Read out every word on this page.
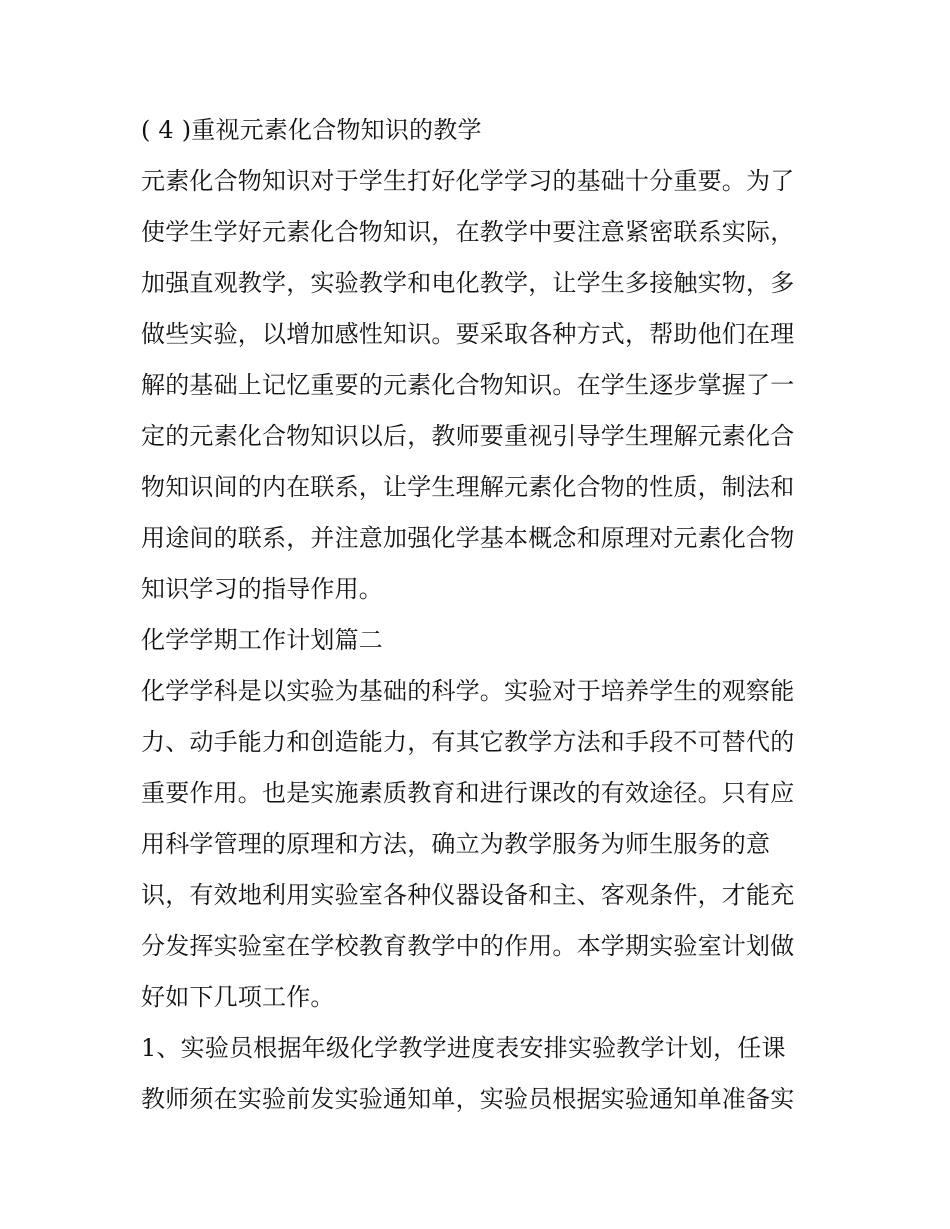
( 4 )重视元素化合物知识的教学
元素化合物知识对于学生打好化学学习的基础十分重要。为了
使学生学好元素化合物知识，在教学中要注意紧密联系实际，
加强直观教学，实验教学和电化教学，让学生多接触实物，多
做些实验，以增加感性知识。要采取各种方式，帮助他们在理
解的基础上记忆重要的元素化合物知识。在学生逐步掌握了一
定的元素化合物知识以后，教师要重视引导学生理解元素化合
物知识间的内在联系，让学生理解元素化合物的性质，制法和
用途间的联系，并注意加强化学基本概念和原理对元素化合物
知识学习的指导作用。
化学学期工作计划篇二
化学学科是以实验为基础的科学。实验对于培养学生的观察能
力、动手能力和创造能力，有其它教学方法和手段不可替代的
重要作用。也是实施素质教育和进行课改的有效途径。只有应
用科学管理的原理和方法，确立为教学服务为师生服务的意
识，有效地利用实验室各种仪器设备和主、客观条件，才能充
分发挥实验室在学校教育教学中的作用。本学期实验室计划做
好如下几项工作。
1、实验员根据年级化学教学进度表安排实验教学计划，任课
教师须在实验前发实验通知单，实验员根据实验通知单准备实
